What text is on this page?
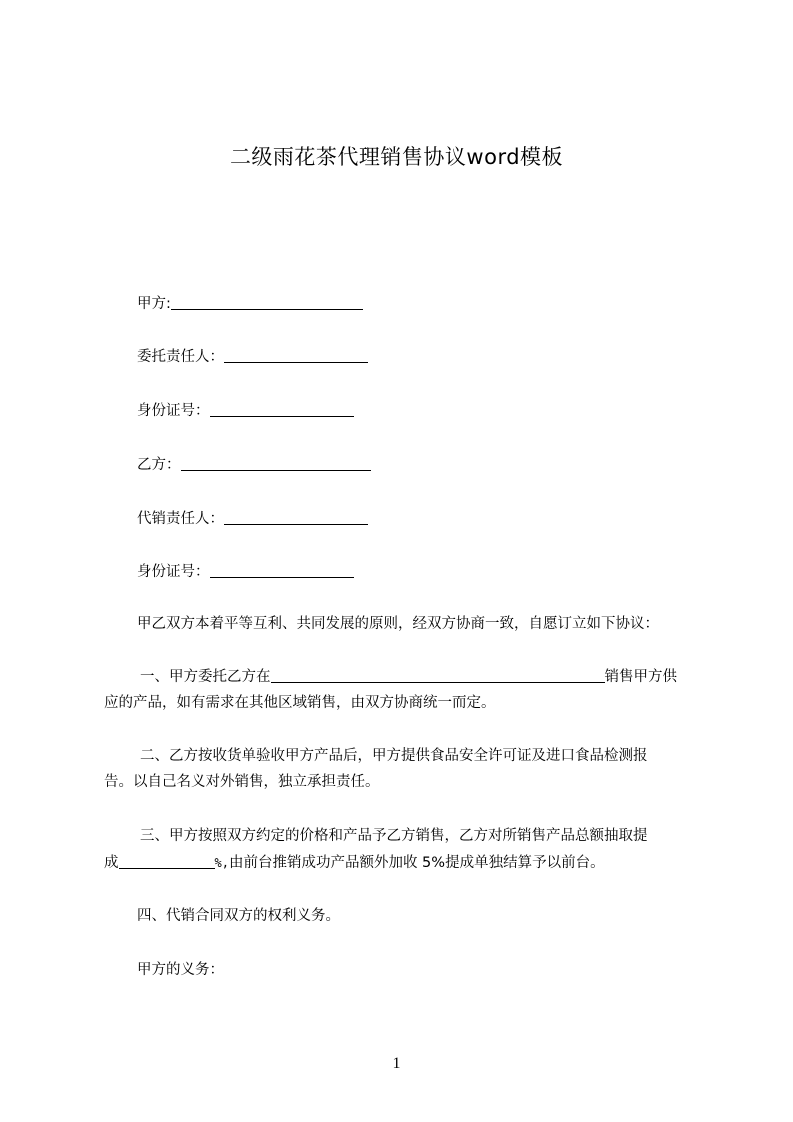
二级雨花茶代理销售协议word模板
甲方:
委托责任人：
身份证号：
乙方：
代销责任人：
身份证号：
甲乙双方本着平等互利、共同发展的原则，经双方协商一致，自愿订立如下协议：
一、甲方委托乙方在	销售甲方供
应的产品，如有需求在其他区域销售，由双方协商统一而定。
二、乙方按收货单验收甲方产品后，甲方提供食品安全许可证及进口食品检测报
告。以自己名义对外销售，独立承担责任。
三、甲方按照双方约定的价格和产品予乙方销售，乙方对所销售产品总额抽取提
成	%,由前台推销成功产品额外加收 5%提成单独结算予以前台。
四、代销合同双方的权利义务。
甲方的义务：
1
